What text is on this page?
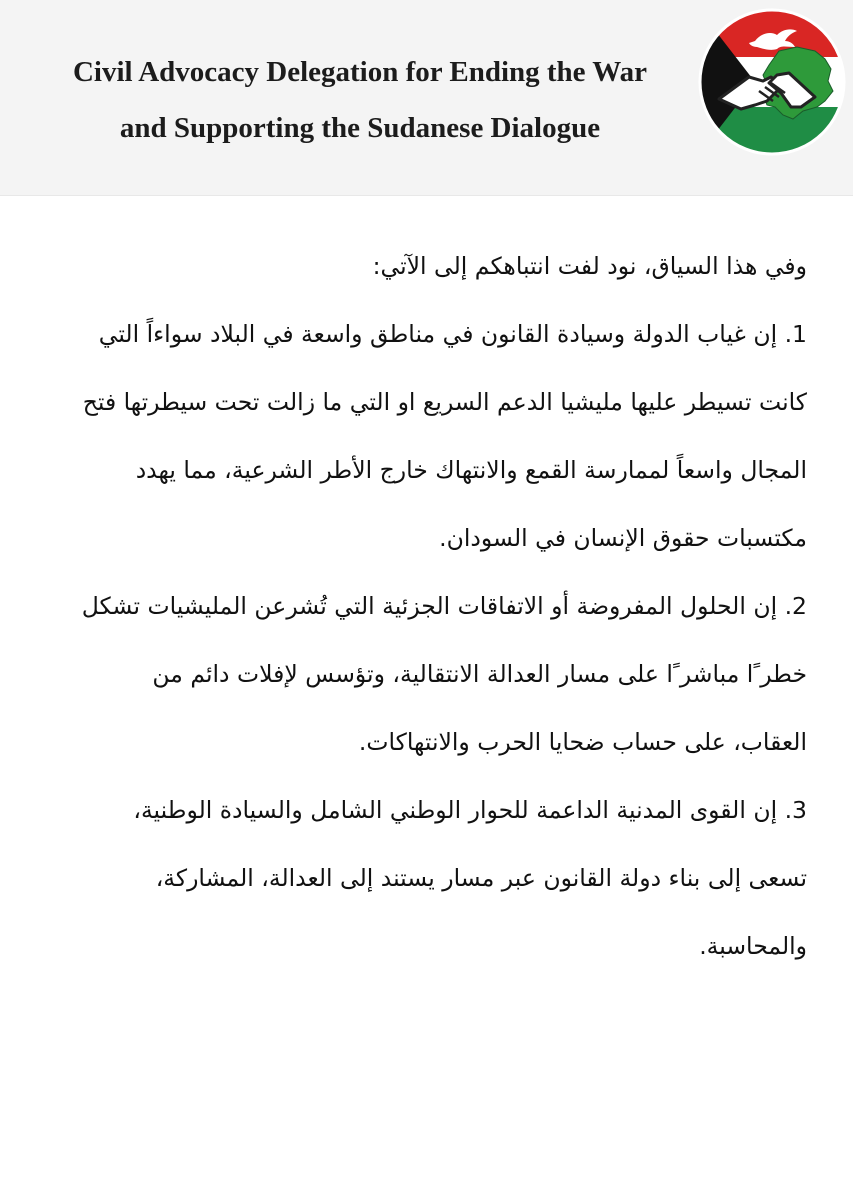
Civil Advocacy Delegation for Ending the War
and Supporting the Sudanese Dialogue
وفي هذا السياق، نود لفت انتباهكم إلى الآتي:
1. إن غياب الدولة وسيادة القانون في مناطق واسعة في البلاد سواءاً التي
كانت تسيطر عليها مليشيا الدعم السريع او التي ما زالت تحت سيطرتها فتح
المجال واسعاً لممارسة القمع والانتهاك خارج الأطر الشرعية، مما يهدد
مكتسبات حقوق الإنسان في السودان.
2. إن الحلول المفروضة أو الاتفاقات الجزئية التي تُشرعن المليشيات تشكل
خطر ًا مباشر ًا على مسار العدالة الانتقالية، وتؤسس لإفلات دائم من
العقاب، على حساب ضحايا الحرب والانتهاكات.
3. إن القوى المدنية الداعمة للحوار الوطني الشامل والسيادة الوطنية،
تسعى إلى بناء دولة القانون عبر مسار يستند إلى العدالة، المشاركة،
والمحاسبة.
